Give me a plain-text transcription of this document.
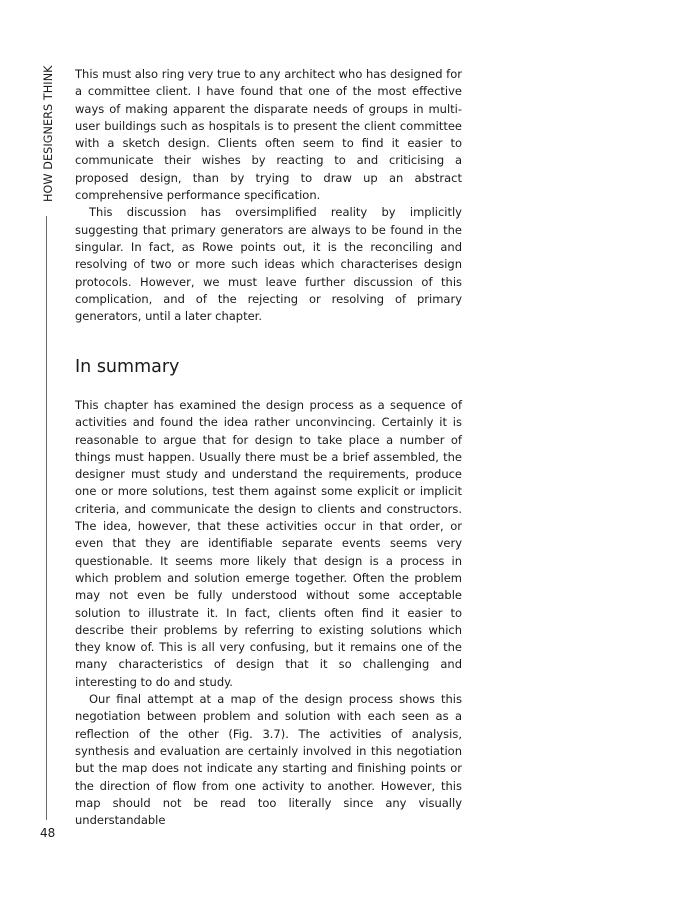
HOW DESIGNERS THINK
48

This must also ring very true to any architect who has designed for a committee client. I have found that one of the most effective ways of making apparent the disparate needs of groups in multi-user buildings such as hospitals is to present the client committee with a sketch design. Clients often seem to find it easier to communicate their wishes by reacting to and criticising a proposed design, than by trying to draw up an abstract comprehensive performance specification.

This discussion has oversimplified reality by implicitly suggesting that primary generators are always to be found in the singular. In fact, as Rowe points out, it is the reconciling and resolving of two or more such ideas which characterises design protocols. However, we must leave further discussion of this complication, and of the rejecting or resolving of primary generators, until a later chapter.

In summary

This chapter has examined the design process as a sequence of activities and found the idea rather unconvincing. Certainly it is reasonable to argue that for design to take place a number of things must happen. Usually there must be a brief assembled, the designer must study and understand the requirements, produce one or more solutions, test them against some explicit or implicit criteria, and communicate the design to clients and constructors. The idea, however, that these activities occur in that order, or even that they are identifiable separate events seems very questionable. It seems more likely that design is a process in which problem and solution emerge together. Often the problem may not even be fully understood without some acceptable solution to illustrate it. In fact, clients often find it easier to describe their problems by referring to existing solutions which they know of. This is all very confusing, but it remains one of the many characteristics of design that it so challenging and interesting to do and study.

Our final attempt at a map of the design process shows this negotiation between problem and solution with each seen as a reflection of the other (Fig. 3.7). The activities of analysis, synthesis and evaluation are certainly involved in this negotiation but the map does not indicate any starting and finishing points or the direction of flow from one activity to another. However, this map should not be read too literally since any visually understandable
